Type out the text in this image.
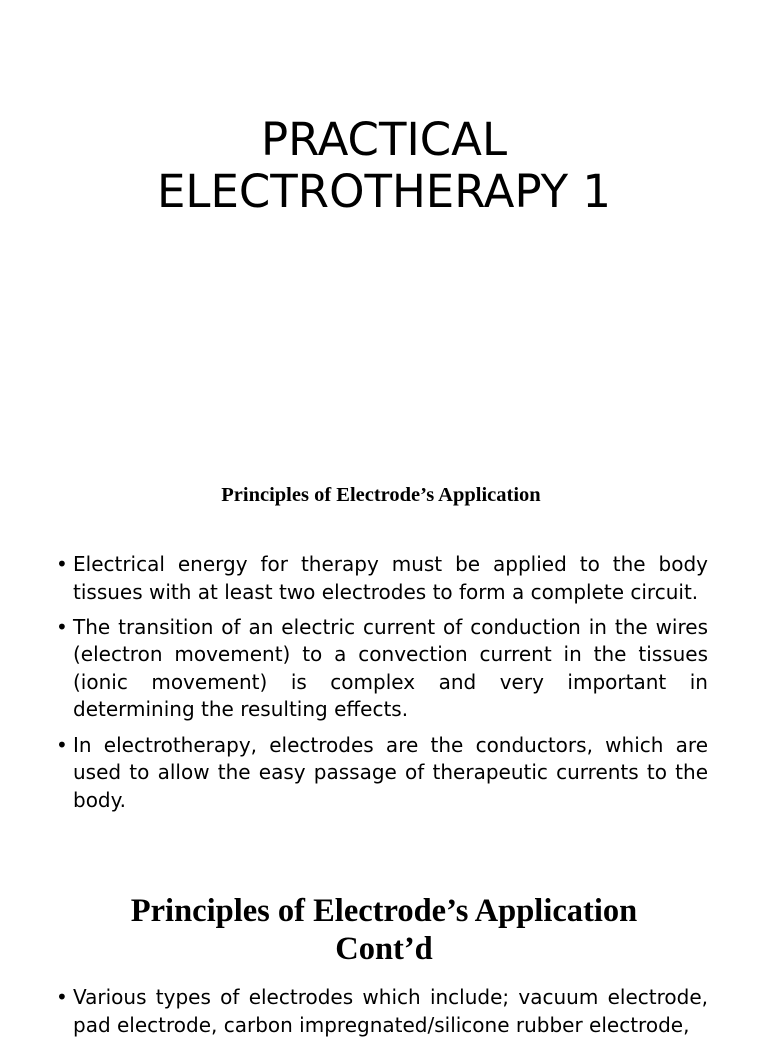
PRACTICAL
ELECTROTHERAPY 1
Principles of Electrode’s Application
• Electrical energy for therapy must be applied to the body tissues with at least two electrodes to form a complete circuit.
• The transition of an electric current of conduction in the wires (electron movement) to a convection current in the tissues (ionic movement) is complex and very important in determining the resulting effects.
• In electrotherapy, electrodes are the conductors, which are used to allow the easy passage of therapeutic currents to the body.
Principles of Electrode’s Application
Cont’d
• Various types of electrodes which include; vacuum electrode, pad electrode, carbon impregnated/silicone rubber electrode,
